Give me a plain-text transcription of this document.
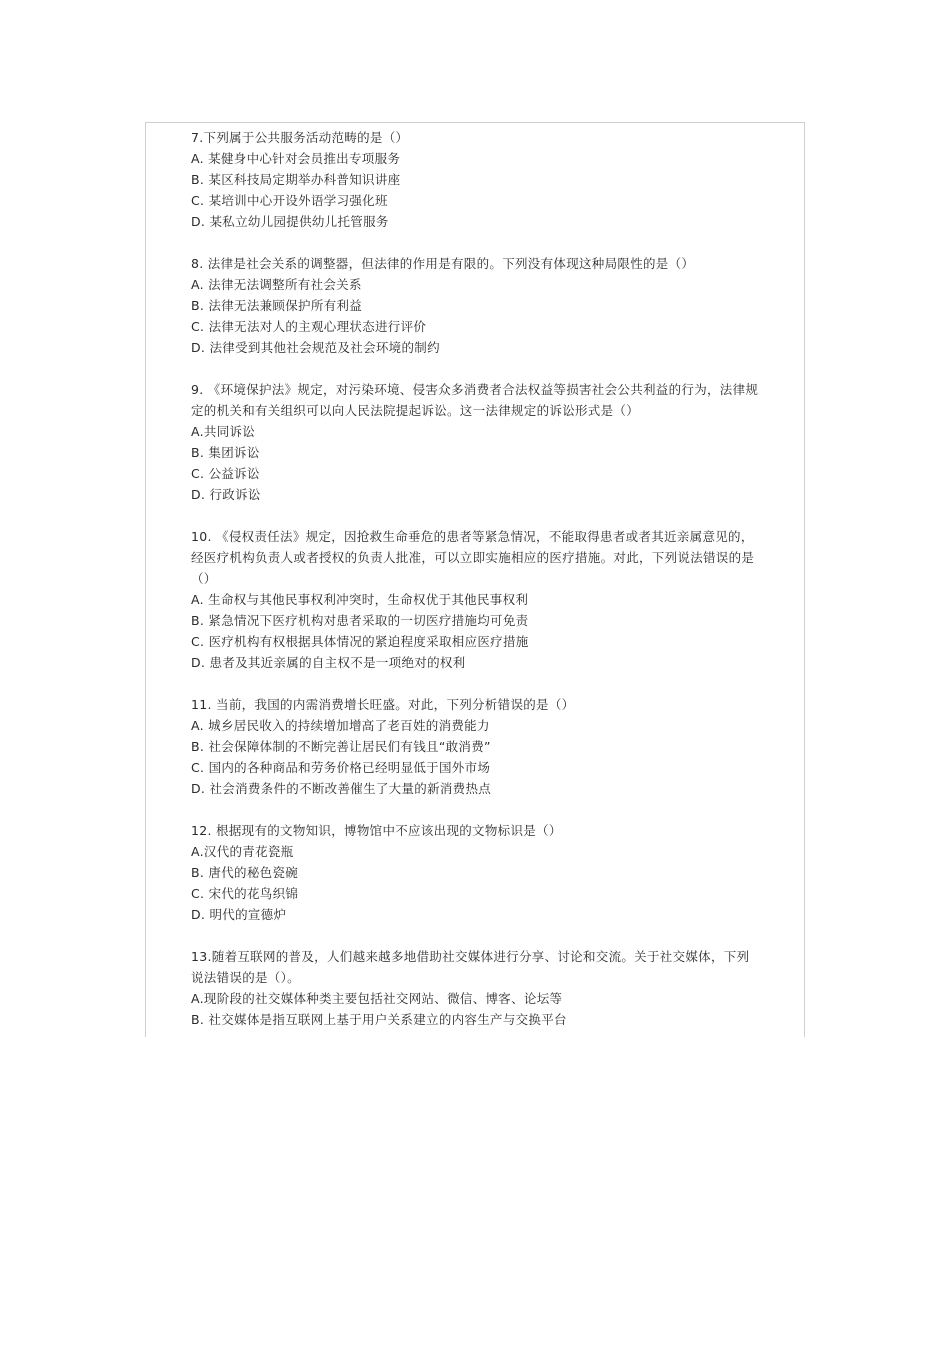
7.下列属于公共服务活动范畴的是（）

A. 某健身中心针对会员推出专项服务

B. 某区科技局定期举办科普知识讲座

C. 某培训中心开设外语学习强化班

D. 某私立幼儿园提供幼儿托管服务

8. 法律是社会关系的调整器，但法律的作用是有限的。下列没有体现这种局限性的是（）

A. 法律无法调整所有社会关系

B. 法律无法兼顾保护所有利益

C. 法律无法对人的主观心理状态进行评价

D. 法律受到其他社会规范及社会环境的制约

9. 《环境保护法》规定，对污染环境、侵害众多消费者合法权益等损害社会公共利益的行为，法律规定的机关和有关组织可以向人民法院提起诉讼。这一法律规定的诉讼形式是（）

A.共同诉讼

B. 集团诉讼

C. 公益诉讼

D. 行政诉讼

10. 《侵权责任法》规定，因抢救生命垂危的患者等紧急情况，不能取得患者或者其近亲属意见的，经医疗机构负责人或者授权的负责人批准，可以立即实施相应的医疗措施。对此，下列说法错误的是（）

A. 生命权与其他民事权利冲突时，生命权优于其他民事权利

B. 紧急情况下医疗机构对患者采取的一切医疗措施均可免责

C. 医疗机构有权根据具体情况的紧迫程度采取相应医疗措施

D. 患者及其近亲属的自主权不是一项绝对的权利

11. 当前，我国的内需消费增长旺盛。对此，下列分析错误的是（）

A. 城乡居民收入的持续增加增高了老百姓的消费能力

B. 社会保障体制的不断完善让居民们有钱且“敢消费”

C. 国内的各种商品和劳务价格已经明显低于国外市场

D. 社会消费条件的不断改善催生了大量的新消费热点

12. 根据现有的文物知识，博物馆中不应该出现的文物标识是（）

A.汉代的青花瓷瓶

B. 唐代的秘色瓷碗

C. 宋代的花鸟织锦

D. 明代的宣德炉

13.随着互联网的普及，人们越来越多地借助社交媒体进行分享、讨论和交流。关于社交媒体，下列说法错误的是（）。

A.现阶段的社交媒体种类主要包括社交网站、微信、博客、论坛等

B. 社交媒体是指互联网上基于用户关系建立的内容生产与交换平台
